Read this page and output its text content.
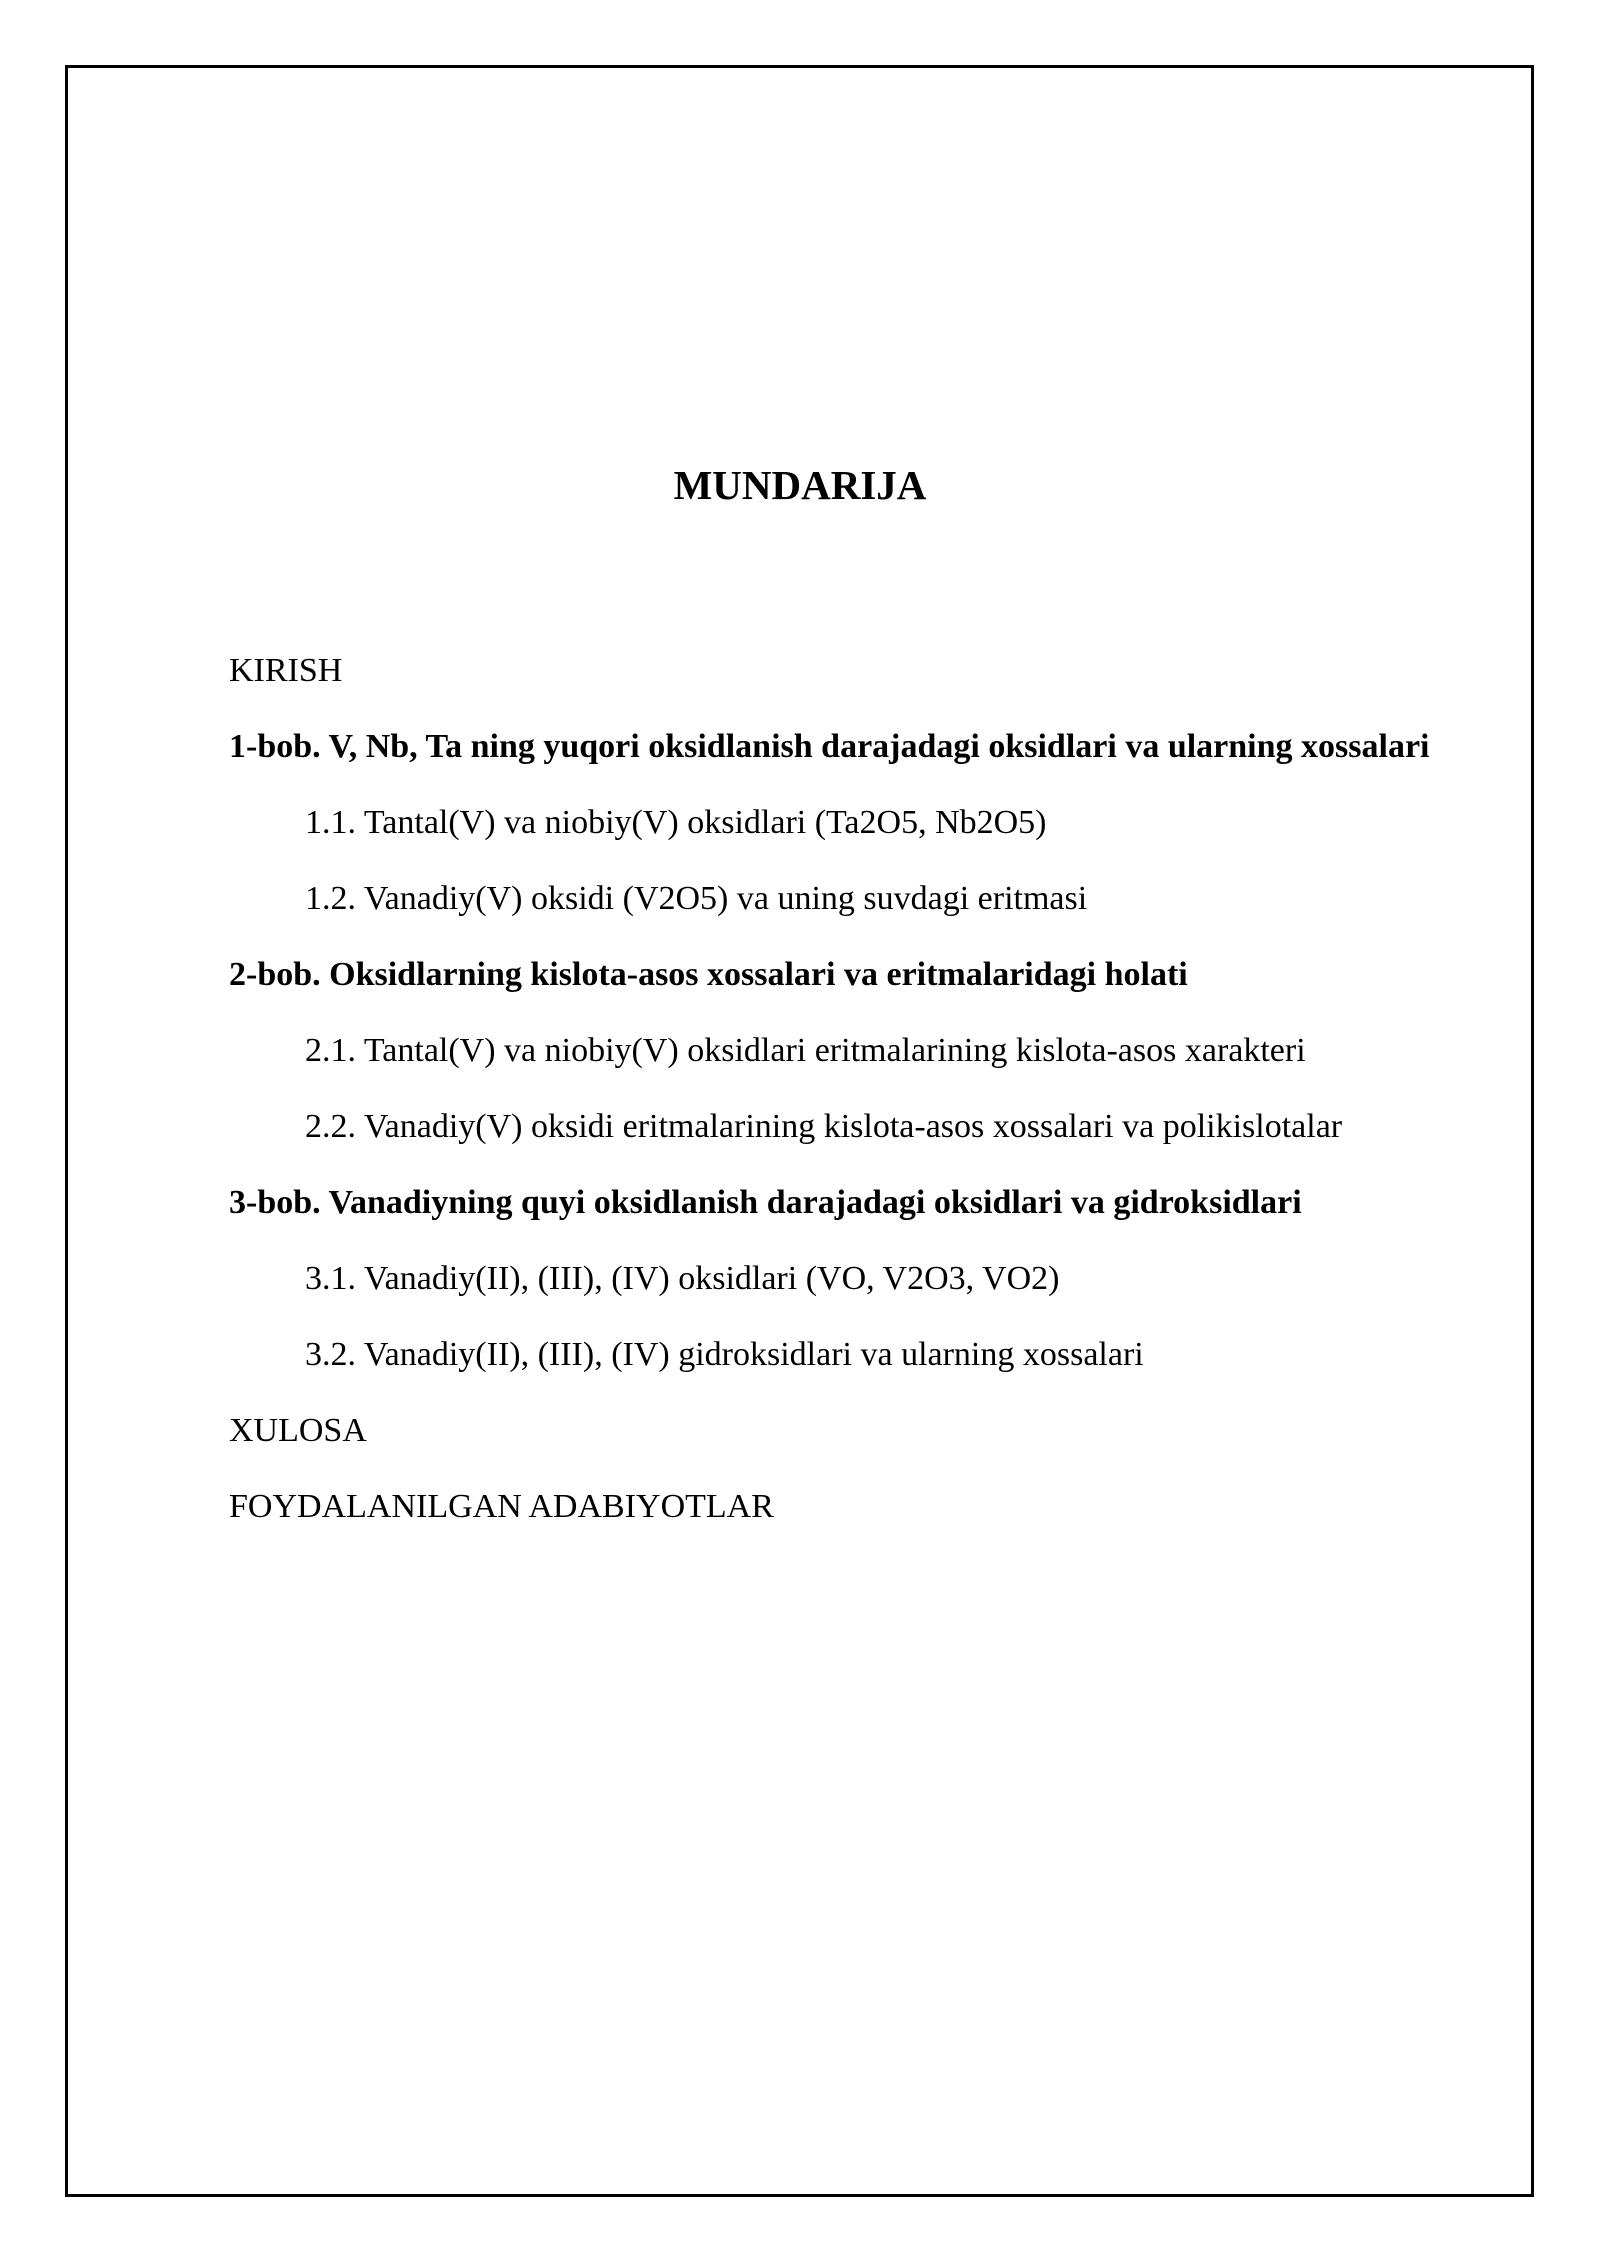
MUNDARIJA
KIRISH
1-bob. V, Nb, Ta ning yuqori oksidlanish darajadagi oksidlari va ularning xossalari
1.1. Tantal(V) va niobiy(V) oksidlari (Ta2O5, Nb2O5)
1.2. Vanadiy(V) oksidi (V2O5) va uning suvdagi eritmasi
2-bob. Oksidlarning kislota-asos xossalari va eritmalaridagi holati
2.1. Tantal(V) va niobiy(V) oksidlari eritmalarining kislota-asos xarakteri
2.2. Vanadiy(V) oksidi eritmalarining kislota-asos xossalari va polikislotalar
3-bob. Vanadiyning quyi oksidlanish darajadagi oksidlari va gidroksidlari
3.1. Vanadiy(II), (III), (IV) oksidlari (VO, V2O3, VO2)
3.2. Vanadiy(II), (III), (IV) gidroksidlari va ularning xossalari
XULOSA
FOYDALANILGAN ADABIYOTLAR
